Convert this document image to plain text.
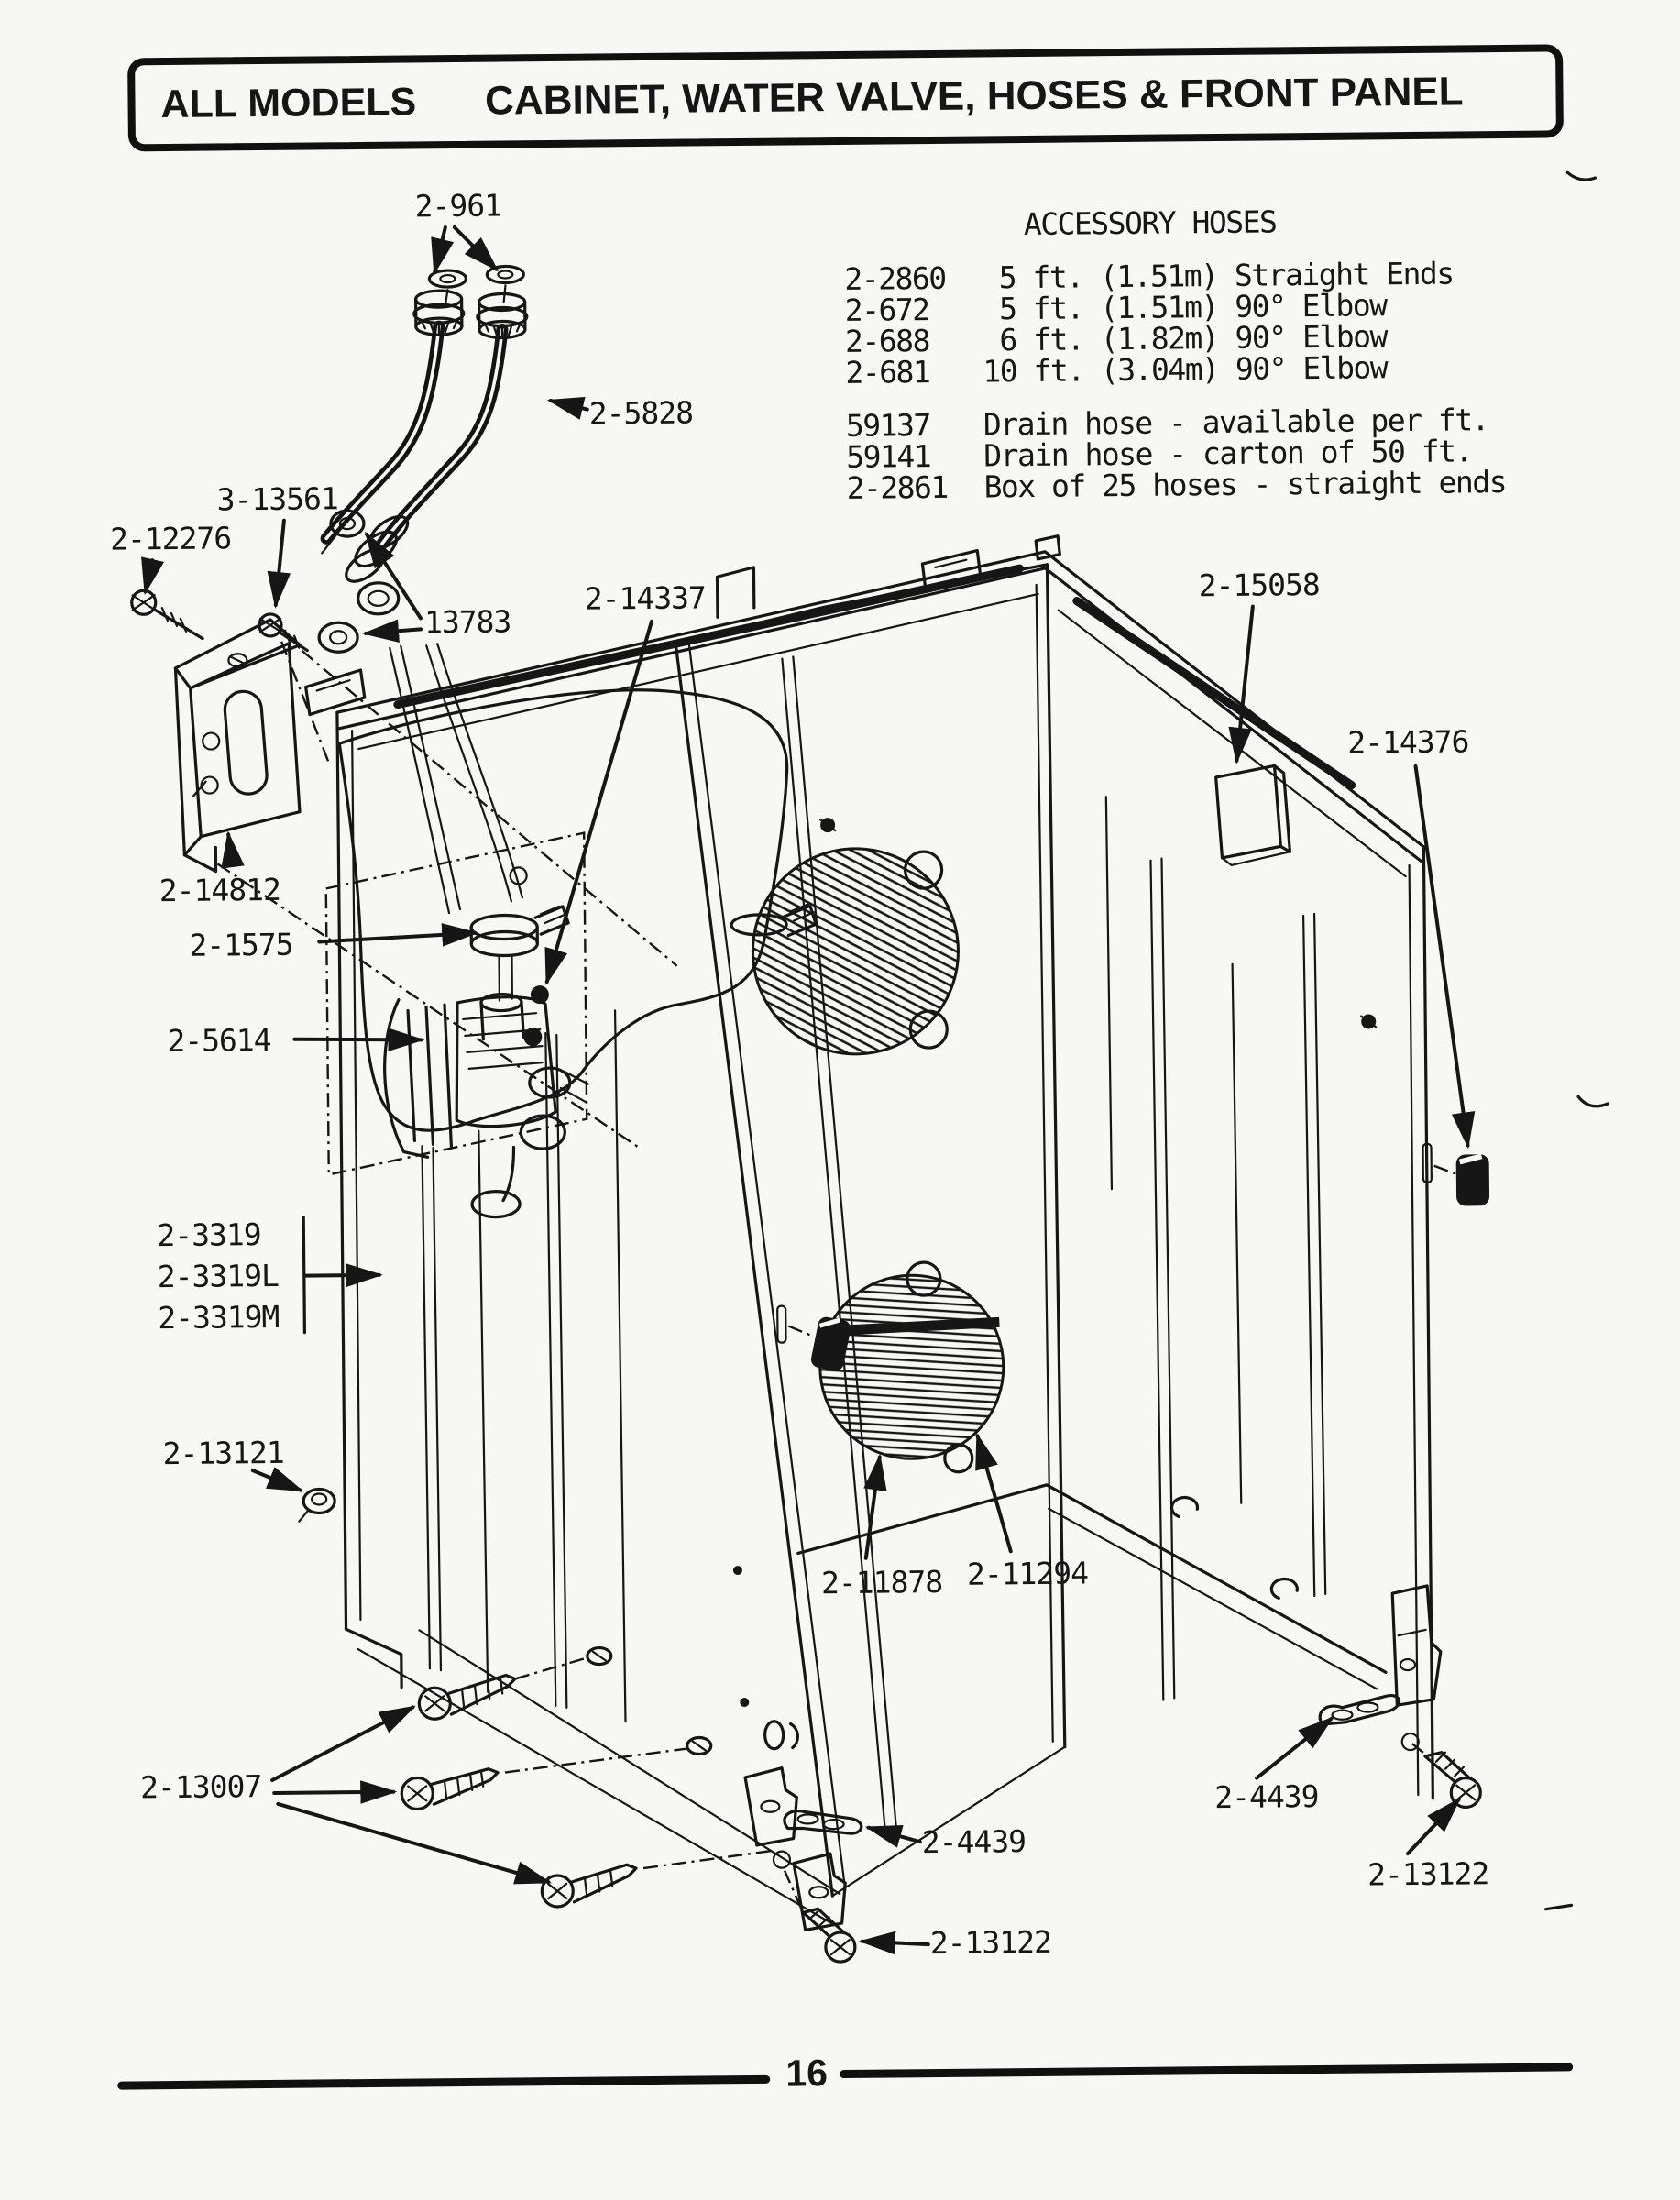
ALL MODELS	CABINET, WATER VALVE, HOSES & FRONT PANEL
ACCESSORY HOSES
2-2860	5 ft. (1.51m) Straight Ends
2-672	5 ft. (1.51m) 90° Elbow
2-688	6 ft. (1.82m) 90° Elbow
2-681	10 ft. (3.04m) 90° Elbow
59137	Drain hose - available per ft.
59141	Drain hose - carton of 50 ft.
2-2861	Box of 25 hoses - straight ends
2-961
2-5828
3-13561
2-12276
13783
2-14337	2-15058
2-14376
2-14812
2-1575
2-5614
2-3319
2-3319L
2-3319M
2-13121
2-11878 2-11294
2-13007
2-4439
2-13122
2-4439
2-13122
16
